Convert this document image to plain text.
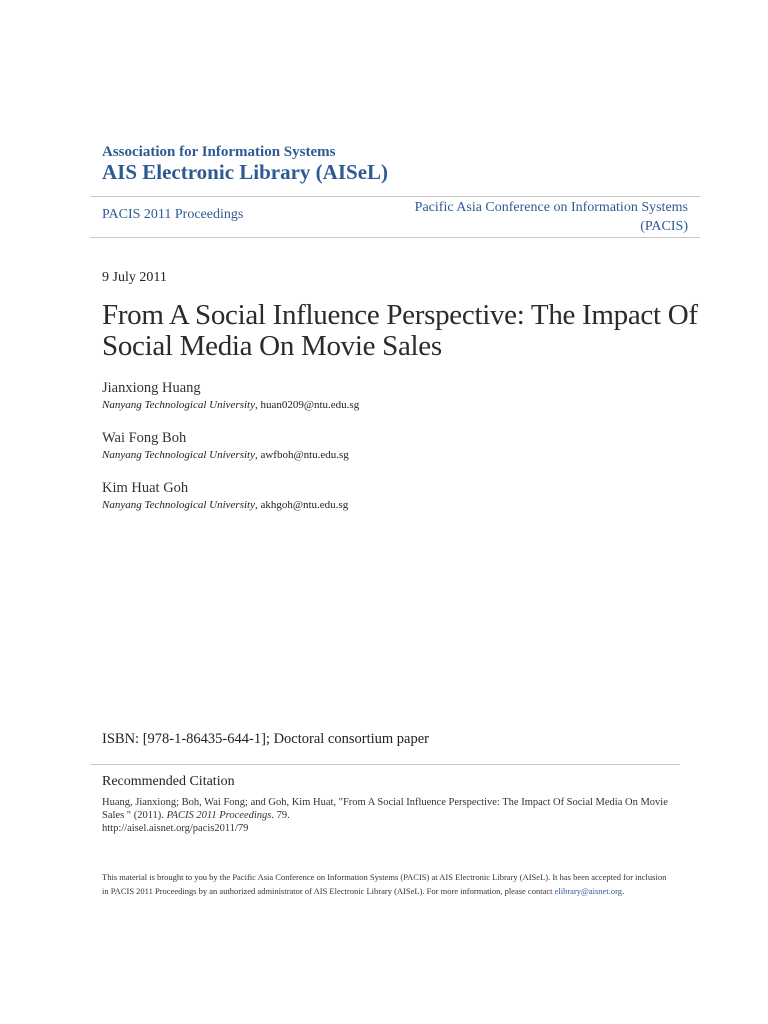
Association for Information Systems
AIS Electronic Library (AISeL)
PACIS 2011 Proceedings	Pacific Asia Conference on Information Systems
(PACIS)
9 July 2011
From A Social Influence Perspective: The Impact Of Social Media On Movie Sales
Jianxiong Huang
Nanyang Technological University, huan0209@ntu.edu.sg
Wai Fong Boh
Nanyang Technological University, awfboh@ntu.edu.sg
Kim Huat Goh
Nanyang Technological University, akhgoh@ntu.edu.sg
ISBN: [978-1-86435-644-1]; Doctoral consortium paper
Recommended Citation
Huang, Jianxiong; Boh, Wai Fong; and Goh, Kim Huat, "From A Social Influence Perspective: The Impact Of Social Media On Movie Sales " (2011). PACIS 2011 Proceedings. 79.
http://aisel.aisnet.org/pacis2011/79
This material is brought to you by the Pacific Asia Conference on Information Systems (PACIS) at AIS Electronic Library (AISeL). It has been accepted for inclusion in PACIS 2011 Proceedings by an authorized administrator of AIS Electronic Library (AISeL). For more information, please contact elibrary@aisnet.org.
